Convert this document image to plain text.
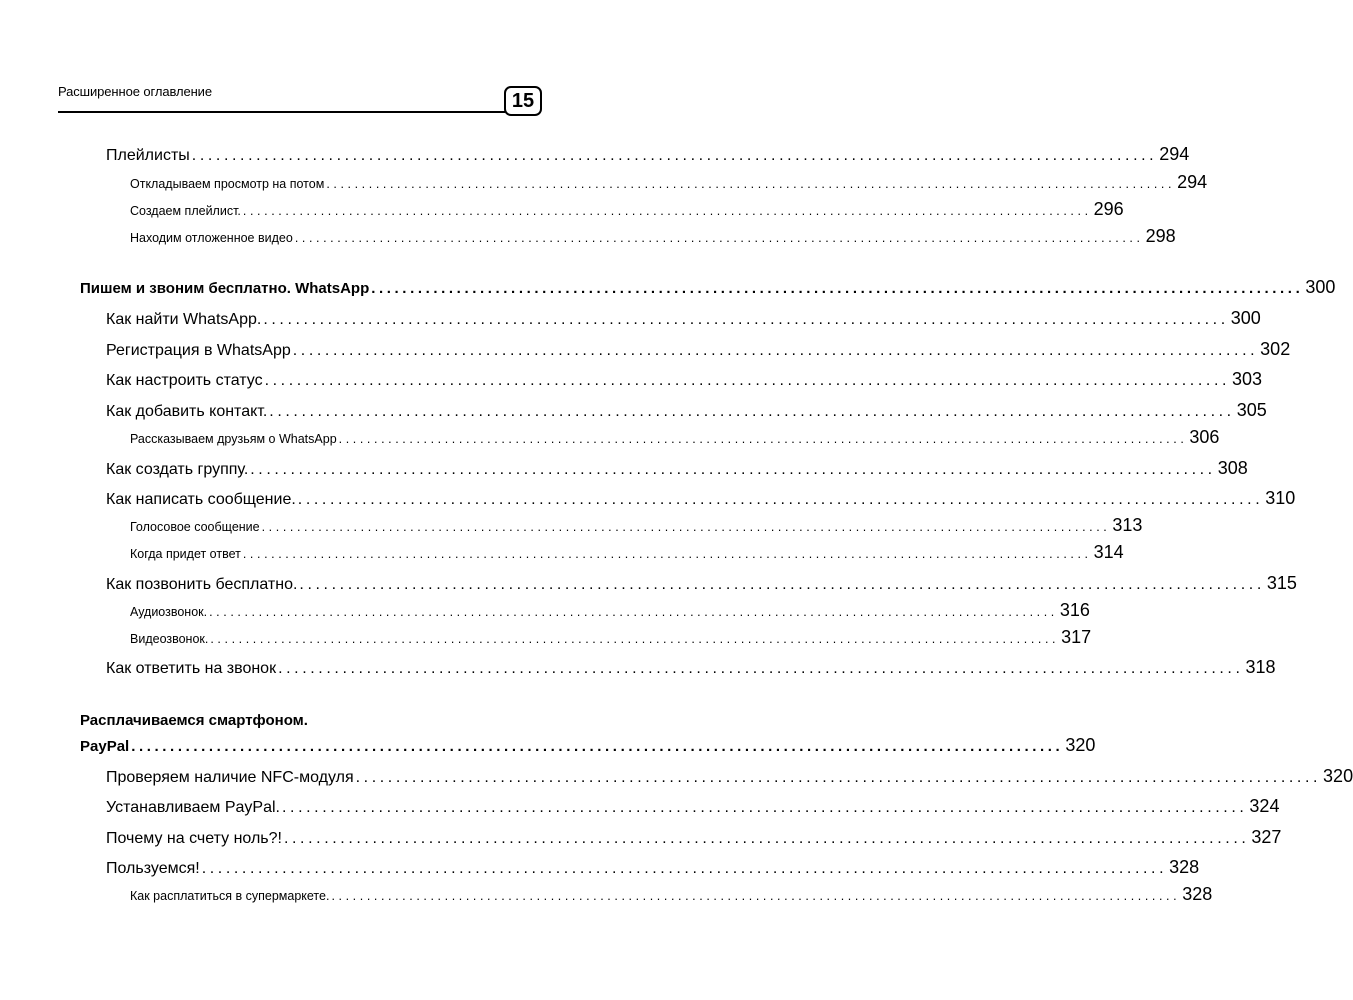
Расширенное оглавление	15
Плейлисты ........................................................................................................................ 294
Откладываем просмотр на потом ........................................................................................................................ 294
Создаем плейлист. ........................................................................................................................ 296
Находим отложенное видео ........................................................................................................................ 298
Пишем и звоним бесплатно. WhatsApp ........................................................................................................................ 300
Как найти WhatsApp. ........................................................................................................................ 300
Регистрация в WhatsApp ........................................................................................................................ 302
Как настроить статус ........................................................................................................................ 303
Как добавить контакт. ........................................................................................................................ 305
Рассказываем друзьям о WhatsApp ........................................................................................................................ 306
Как создать группу. ........................................................................................................................ 308
Как написать сообщение. ........................................................................................................................ 310
Голосовое сообщение ........................................................................................................................ 313
Когда придет ответ ........................................................................................................................ 314
Как позвонить бесплатно. ........................................................................................................................ 315
Аудиозвонок. ........................................................................................................................ 316
Видеозвонок. ........................................................................................................................ 317
Как ответить на звонок ........................................................................................................................ 318
Расплачиваемся смартфоном.
PayPal ........................................................................................................................ 320
Проверяем наличие NFC-модуля ........................................................................................................................ 320
Устанавливаем PayPal. ........................................................................................................................ 324
Почему на счету ноль?! ........................................................................................................................ 327
Пользуемся! ........................................................................................................................ 328
Как расплатиться в супермаркете. ........................................................................................................................ 328
